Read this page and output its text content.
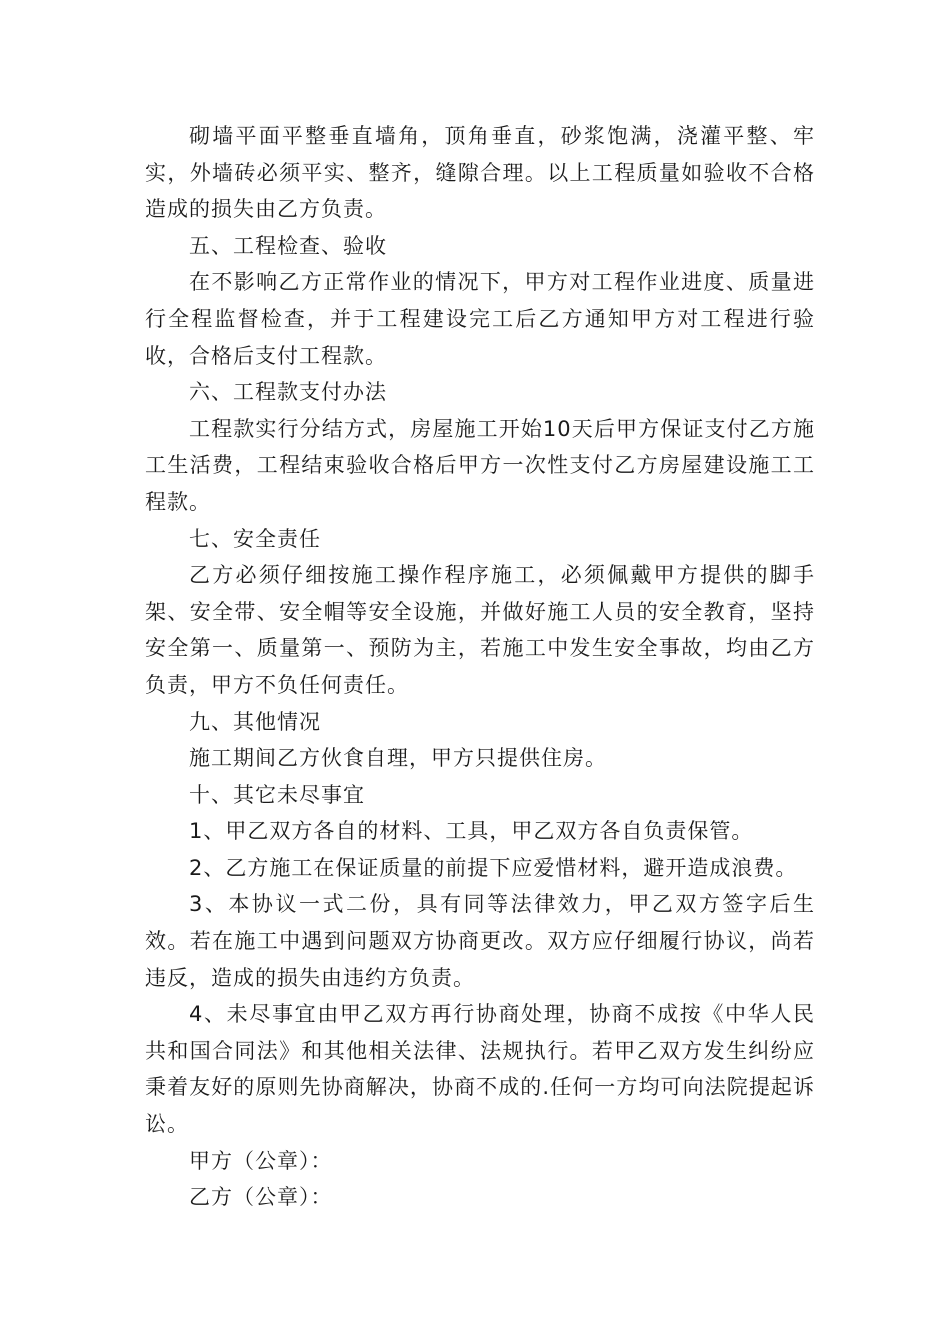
砌墙平面平整垂直墙角，顶角垂直，砂浆饱满，浇灌平整、牢实，外墙砖必须平实、整齐，缝隙合理。以上工程质量如验收不合格造成的损失由乙方负责。

五、工程检查、验收

在不影响乙方正常作业的情况下，甲方对工程作业进度、质量进行全程监督检查，并于工程建设完工后乙方通知甲方对工程进行验收，合格后支付工程款。

六、工程款支付办法

工程款实行分结方式，房屋施工开始10天后甲方保证支付乙方施工生活费，工程结束验收合格后甲方一次性支付乙方房屋建设施工工程款。

七、安全责任

乙方必须仔细按施工操作程序施工，必须佩戴甲方提供的脚手架、安全带、安全帽等安全设施，并做好施工人员的安全教育，坚持安全第一、质量第一、预防为主，若施工中发生安全事故，均由乙方负责，甲方不负任何责任。

九、其他情况

施工期间乙方伙食自理，甲方只提供住房。

十、其它未尽事宜

1、甲乙双方各自的材料、工具，甲乙双方各自负责保管。

2、乙方施工在保证质量的前提下应爱惜材料，避开造成浪费。

3、本协议一式二份，具有同等法律效力，甲乙双方签字后生效。若在施工中遇到问题双方协商更改。双方应仔细履行协议，尚若违反，造成的损失由违约方负责。

4、未尽事宜由甲乙双方再行协商处理，协商不成按《中华人民共和国合同法》和其他相关法律、法规执行。若甲乙双方发生纠纷应秉着友好的原则先协商解决，协商不成的.任何一方均可向法院提起诉讼。

甲方（公章）：

乙方（公章）：
